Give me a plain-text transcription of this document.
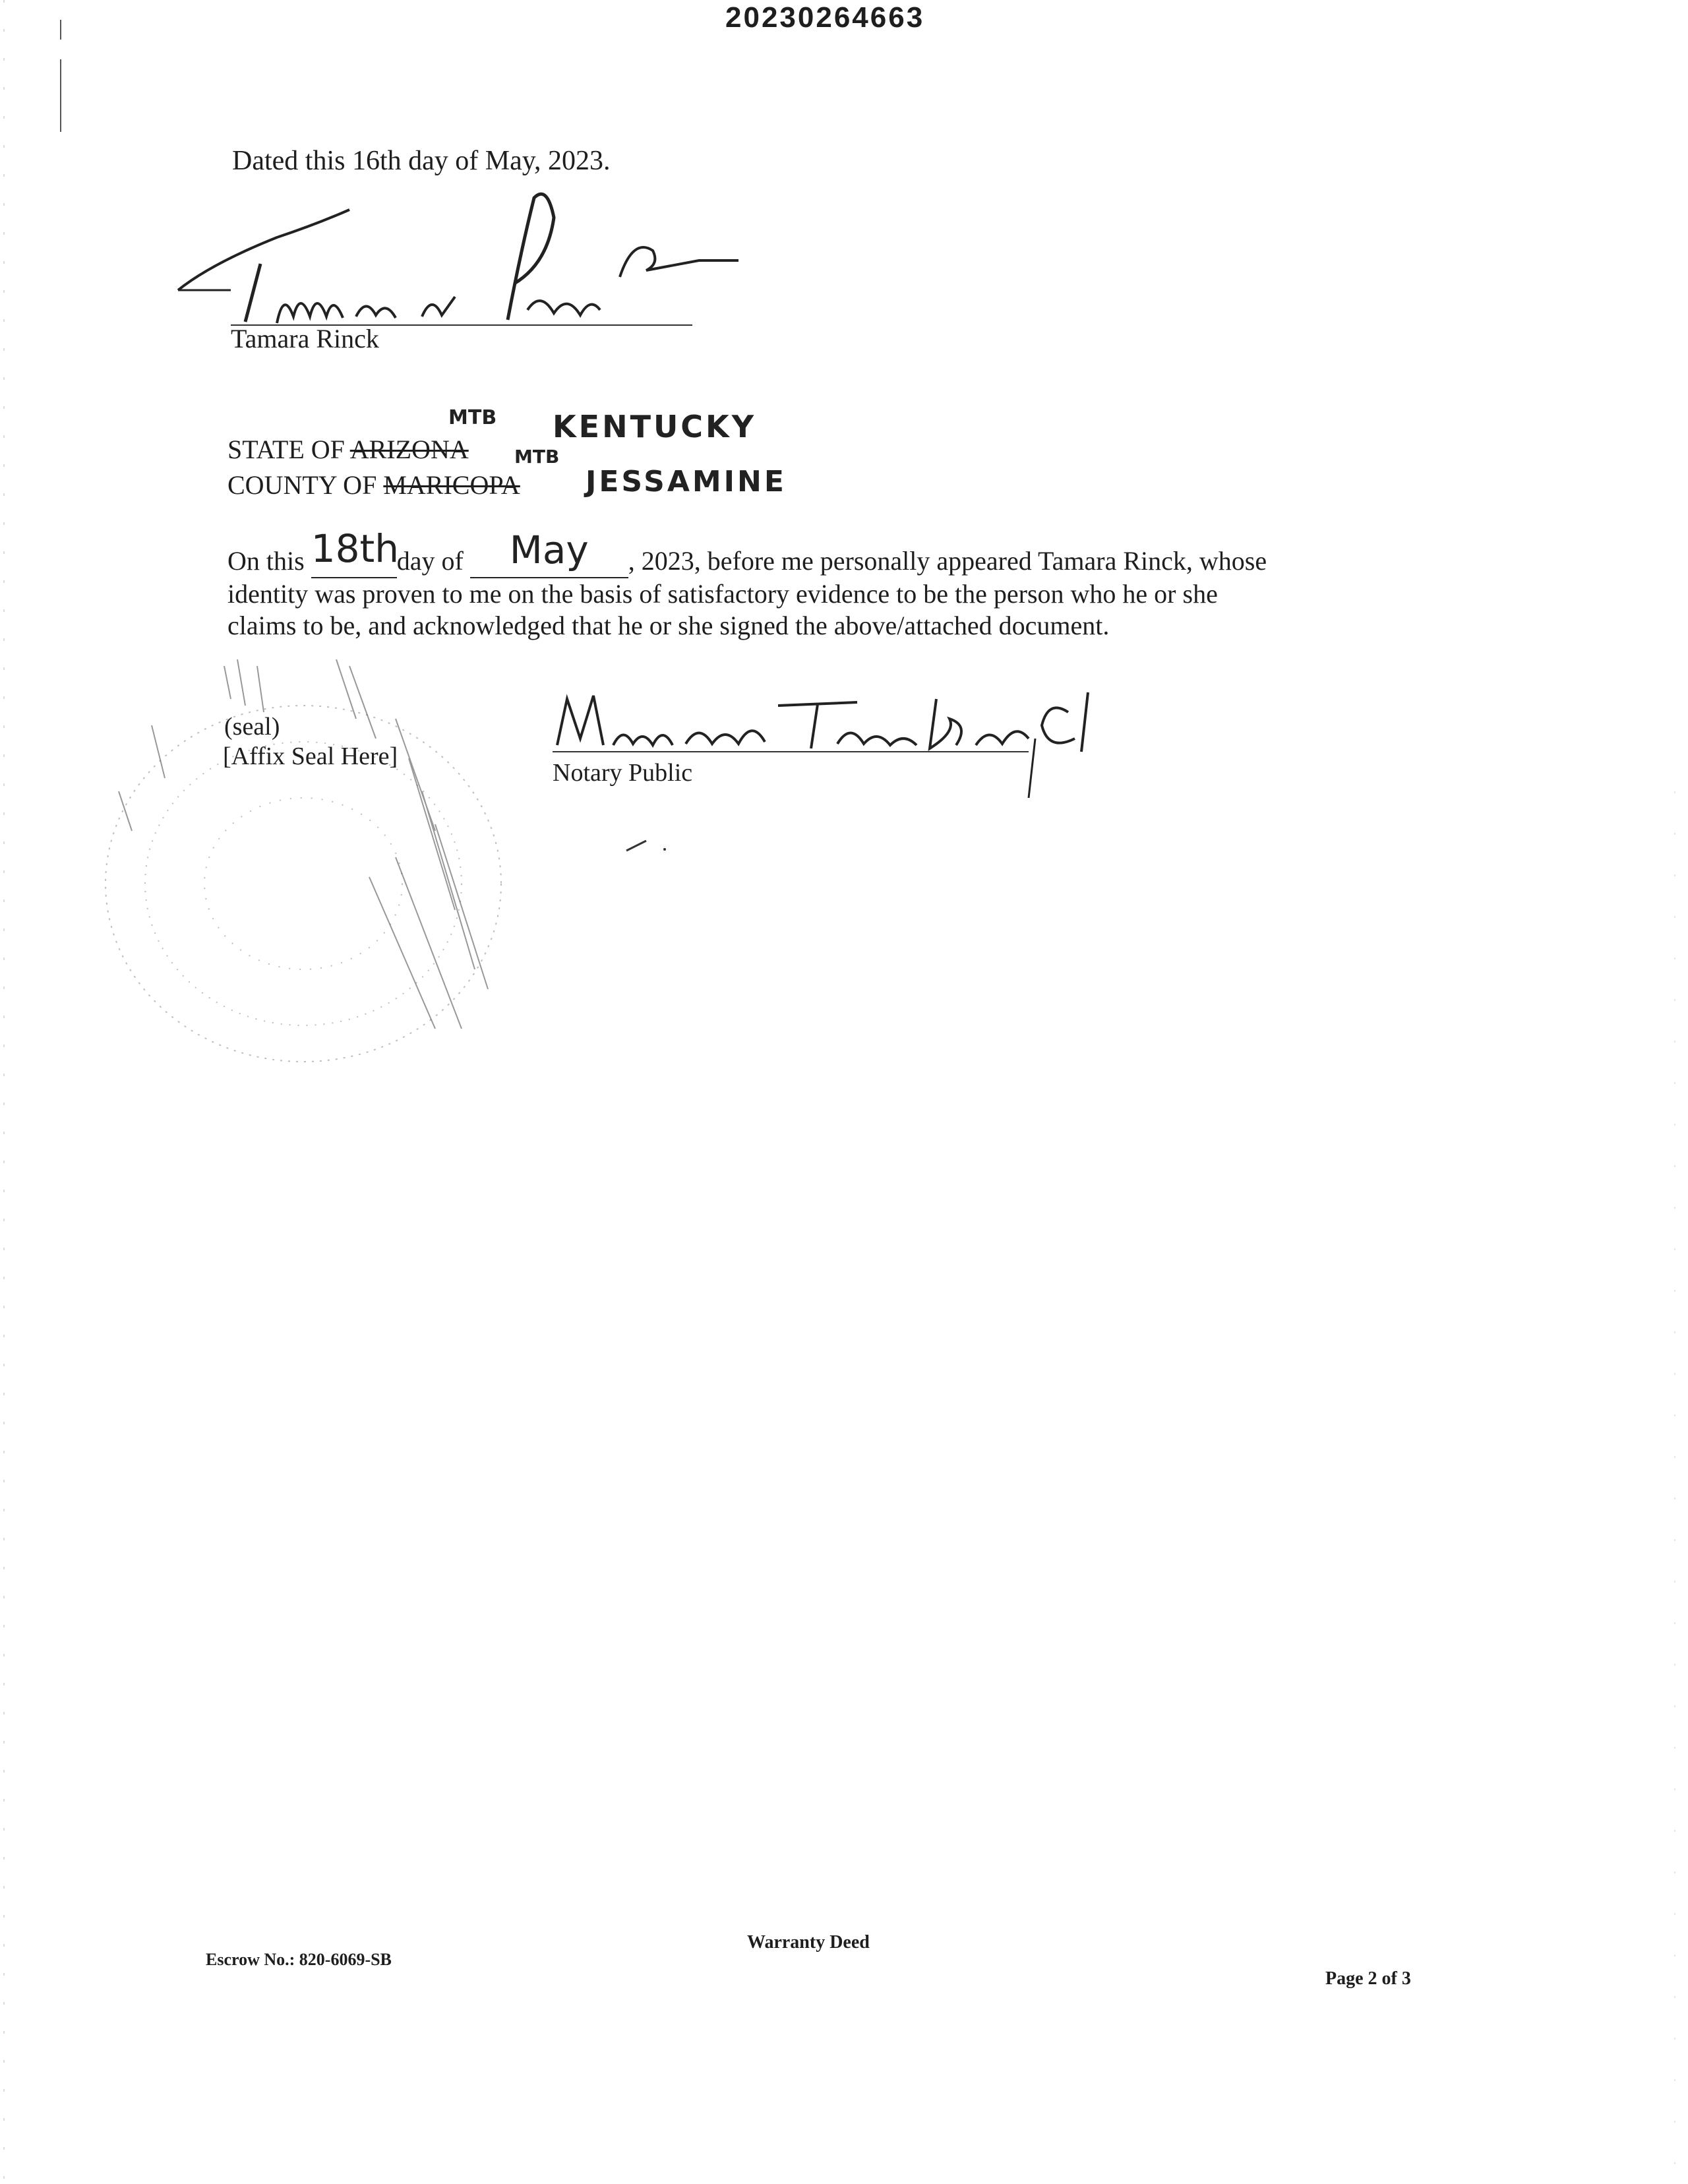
20230264663
Dated this 16th day of May, 2023.
Tamara Rinck
STATE OF ARIZONA
COUNTY OF MARICOPA
MTB KENTUCKY
MTB
JESSAMINE
On this 18thday of May , 2023, before me personally appeared Tamara Rinck, whose
identity was proven to me on the basis of satisfactory evidence to be the person who he or she
claims to be, and acknowledged that he or she signed the above/attached document.
(seal)
[Affix Seal Here]
Notary Public
Warranty Deed
Escrow No.: 820-6069-SB
Page 2 of 3
